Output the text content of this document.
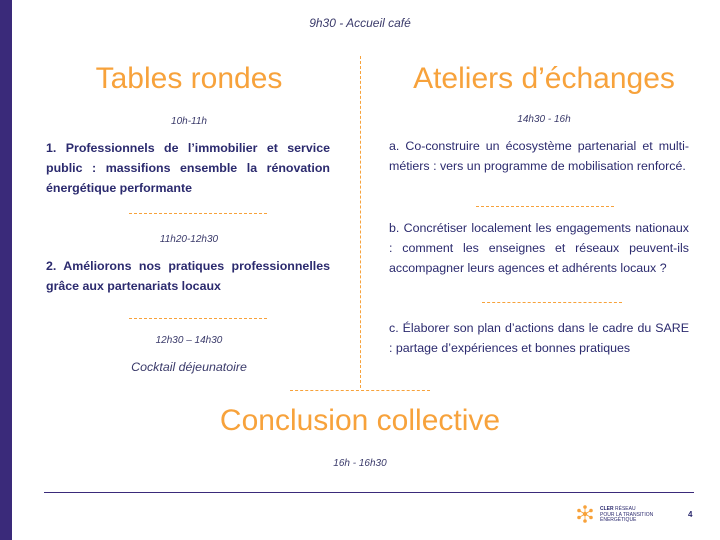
9h30 - Accueil café
Tables rondes
10h-11h
1. Professionnels de l’immobilier et service public : massifions ensemble la rénovation énergétique performante
11h20-12h30
2. Améliorons nos pratiques professionnelles grâce aux partenariats locaux
12h30 – 14h30
Cocktail déjeunatoire
Ateliers d’échanges
14h30 - 16h
a. Co-construire un écosystème partenarial et multi-métiers : vers un programme de mobilisation renforcé.
b. Concrétiser localement les engagements nationaux : comment les enseignes et réseaux peuvent-ils accompagner leurs agences et adhérents locaux ?
c. Élaborer son plan d’actions dans le cadre du SARE : partage d’expériences et bonnes pratiques
Conclusion collective
16h - 16h30
CLER RÉSEAU
POUR LA TRANSITION
ÉNERGÉTIQUE
4
